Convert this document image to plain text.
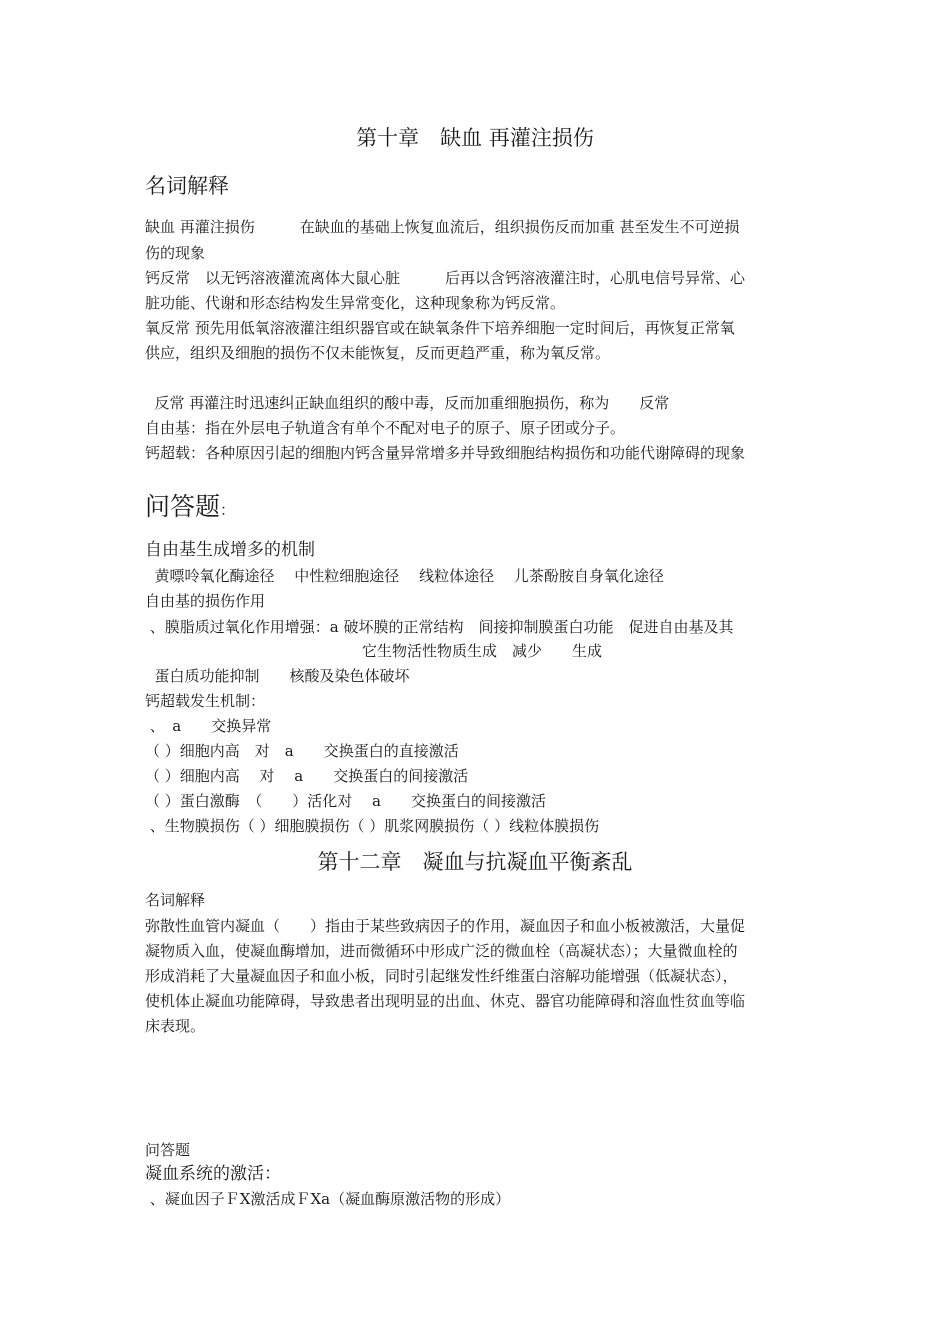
第十章　缺血 再灌注损伤
名词解释
缺血 再灌注损伤　　　在缺血的基础上恢复血流后，组织损伤反而加重 甚至发生不可逆损
伤的现象
钙反常　以无钙溶液灌流离体大鼠心脏　　　后再以含钙溶液灌注时，心肌电信号异常、心
脏功能、代谢和形态结构发生异常变化，这种现象称为钙反常。
氧反常 预先用低氧溶液灌注组织器官或在缺氧条件下培养细胞一定时间后，再恢复正常氧
供应，组织及细胞的损伤不仅未能恢复，反而更趋严重，称为氧反常。
反常 再灌注时迅速纠正缺血组织的酸中毒，反而加重细胞损伤，称为　　反常
自由基：指在外层电子轨道含有单个不配对电子的原子、原子团或分子。
钙超载：各种原因引起的细胞内钙含量异常增多并导致细胞结构损伤和功能代谢障碍的现象
问答题：
自由基生成增多的机制
黄嘌呤氧化酶途径　 中性粒细胞途径　 线粒体途径　 儿茶酚胺自身氧化途径
自由基的损伤作用
、膜脂质过氧化作用增强：a 破坏膜的正常结构　间接抑制膜蛋白功能　促进自由基及其
它生物活性物质生成　减少　　生成
蛋白质功能抑制　　核酸及染色体破坏
钙超载发生机制：
、　a　　交换异常
（ ）细胞内高　对　a　　交换蛋白的直接激活
（ ）细胞内高　 对　 a　　交换蛋白的间接激活
（ ）蛋白激酶　（　　）活化对　 a　　交换蛋白的间接激活
、生物膜损伤（ ）细胞膜损伤（ ）肌浆网膜损伤（ ）线粒体膜损伤
第十二章　凝血与抗凝血平衡紊乱
名词解释
弥散性血管内凝血（　　）指由于某些致病因子的作用，凝血因子和血小板被激活，大量促
凝物质入血，使凝血酶增加，进而微循环中形成广泛的微血栓（高凝状态）；大量微血栓的
形成消耗了大量凝血因子和血小板，同时引起继发性纤维蛋白溶解功能增强（低凝状态），
使机体止凝血功能障碍，导致患者出现明显的出血、休克、器官功能障碍和溶血性贫血等临
床表现。
问答题
凝血系统的激活：
、凝血因子ＦⅩ激活成ＦⅩa（凝血酶原激活物的形成）
